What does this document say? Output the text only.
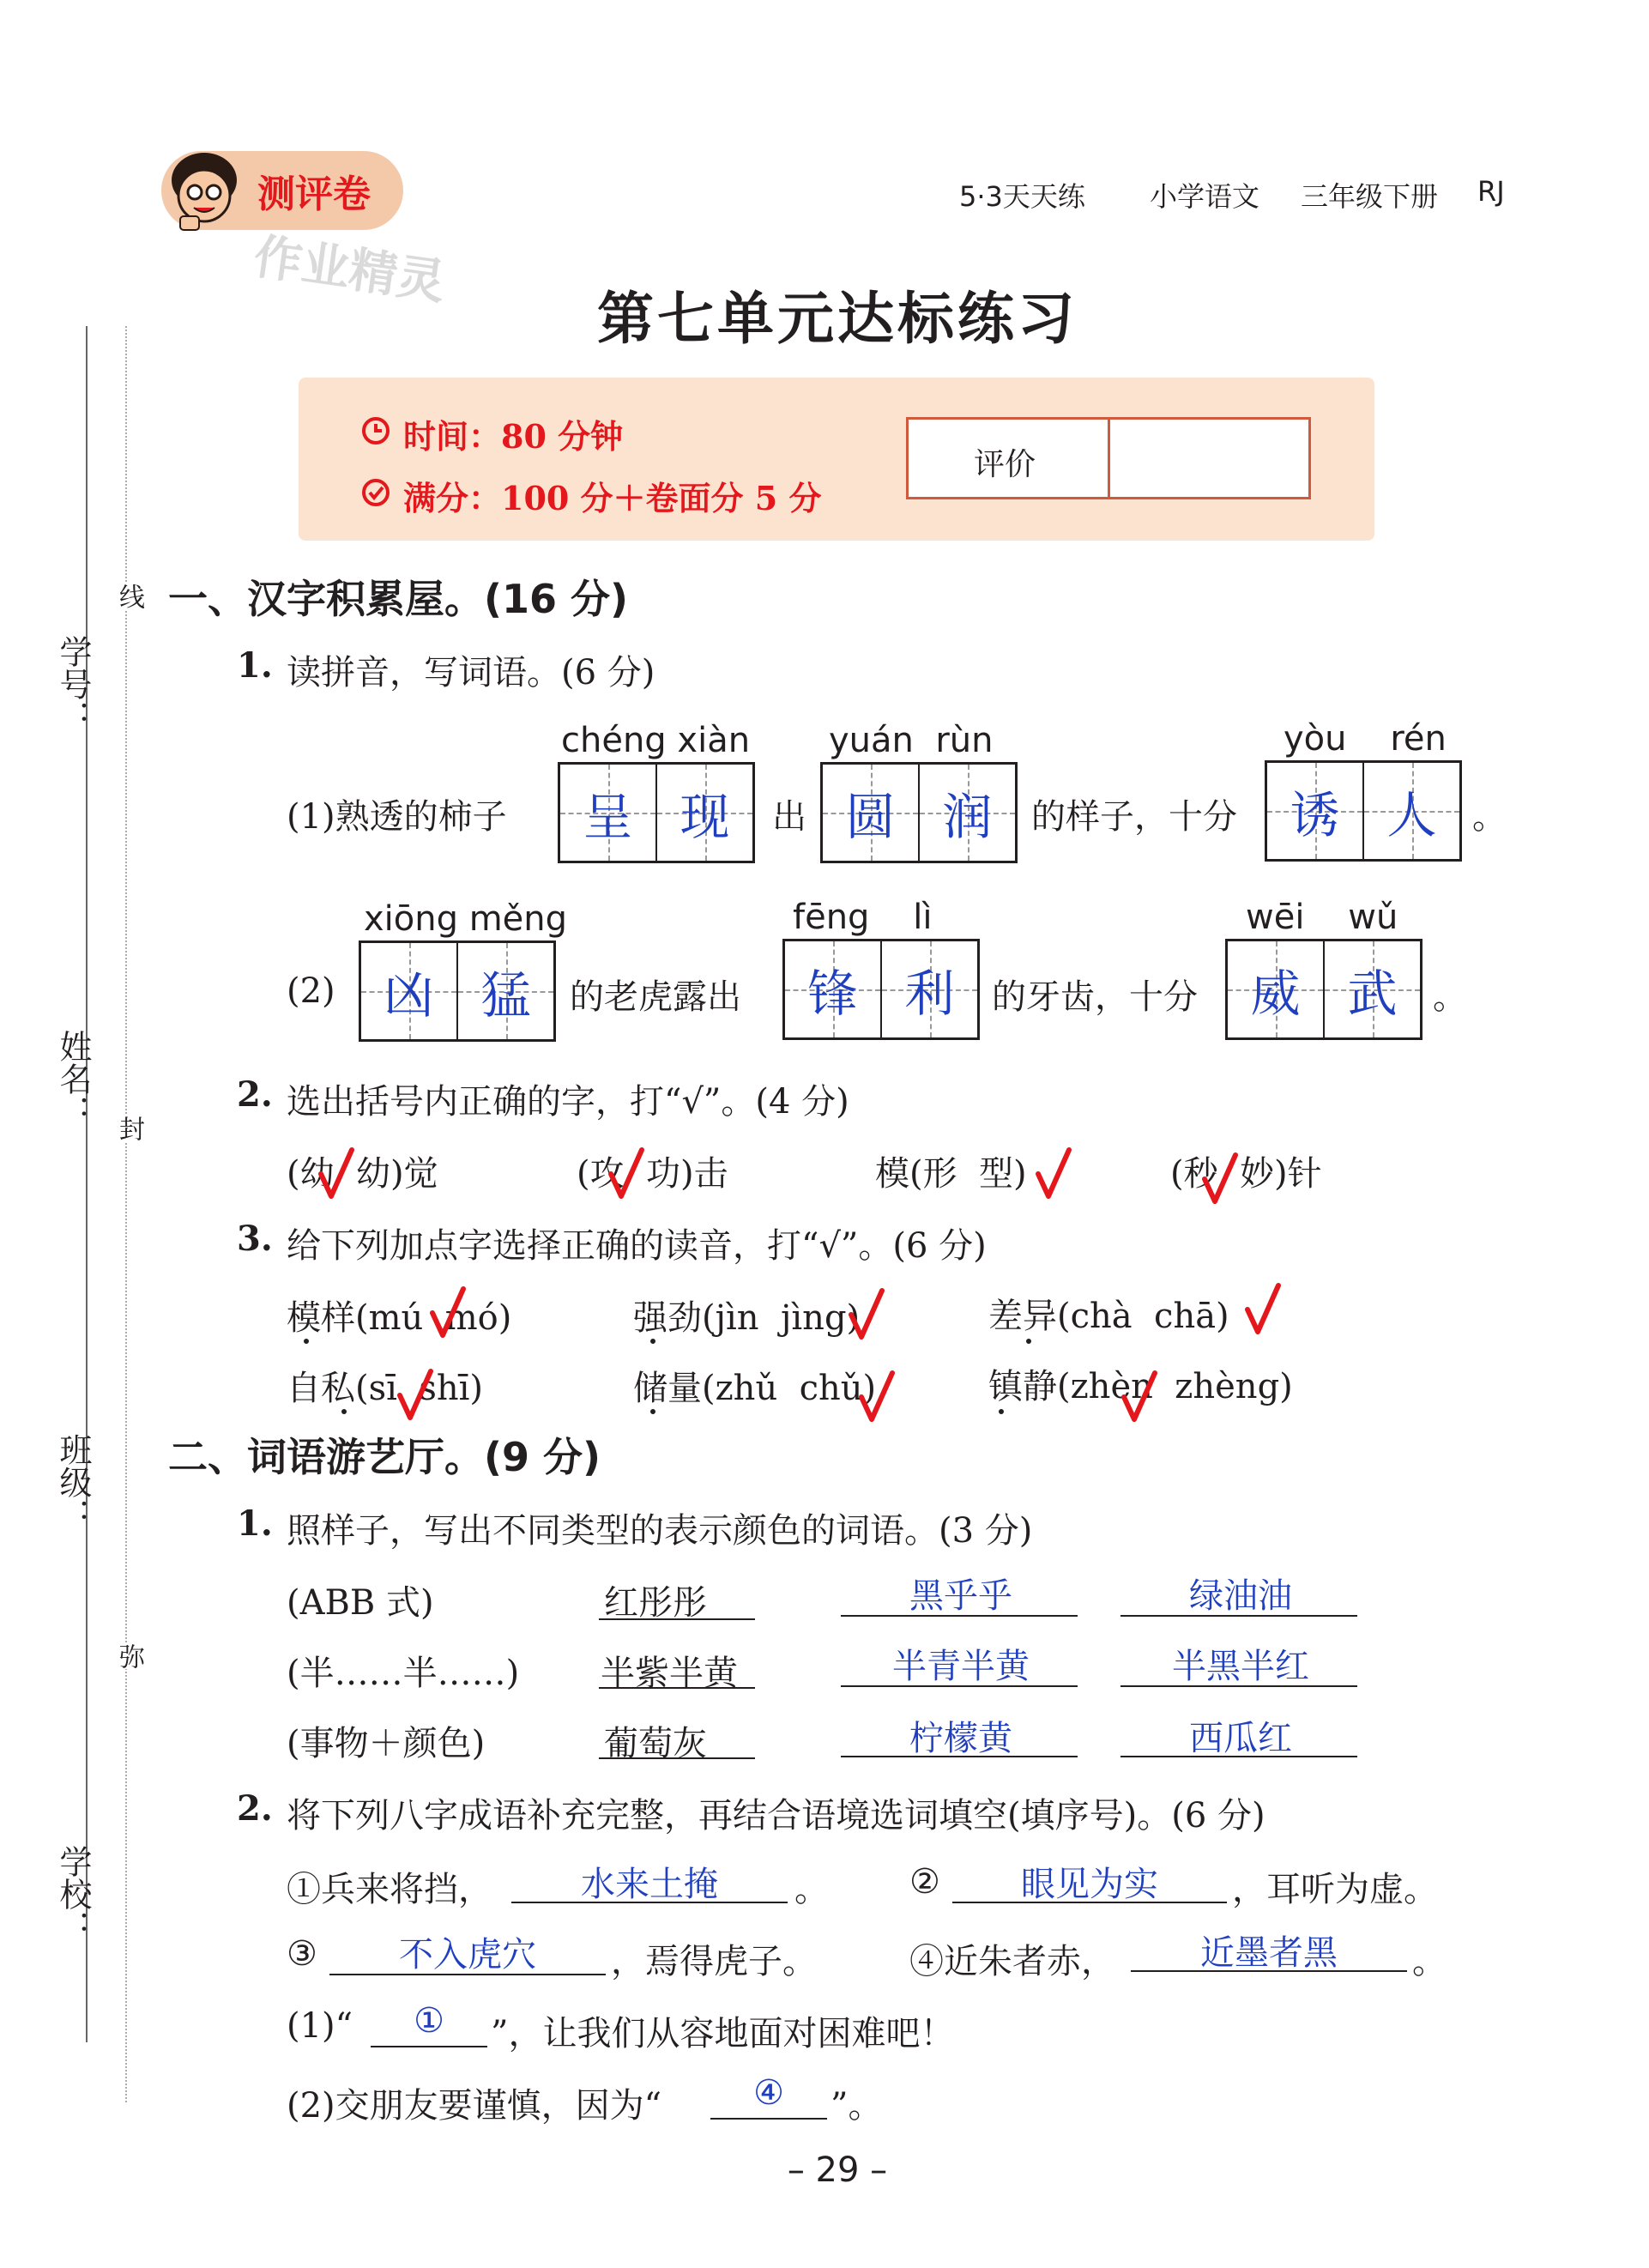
学号：
姓名：
班级：
学校：
线
封
弥
测评卷
作业精灵
5·3天天练 小学语文 三年级下册 RJ
第七单元达标练习
时间：80 分钟
满分：100 分＋卷面分 5 分
评价
一、汉字积累屋。(16 分)
1. 读拼音，写词语。(6 分)
(1)熟透的柿子
chéng xiàn
呈 现 出
yuán  rùn
圆 润 的样子，十分
yòu    rén
诱 人 。
(2)
xiōng měng
凶 猛 的老虎露出
fēng    lì
锋 利 的牙齿，十分
wēi    wǔ
威 武 。
2. 选出括号内正确的字，打“√”。(4 分)
(幼  幼)觉	(攻  功)击	模(形  型)	(秒  妙)针
3. 给下列加点字选择正确的读音，打“√”。(6 分)
模样(mú  mó)	强劲(jìn  jìng)	差异(chà  chā)
自私(sī  shī)	储量(zhǔ  chǔ)	镇静(zhèn  zhèng)
二、词语游艺厅。(9 分)
1. 照样子，写出不同类型的表示颜色的词语。(3 分)
(ABB 式)	红彤彤	黑乎乎	绿油油
(半……半……) 半紫半黄	半青半黄	半黑半红
(事物＋颜色)	葡萄灰	柠檬黄	西瓜红
2. 将下列八字成语补充完整，再结合语境选词填空(填序号)。(6 分)
①兵来将挡，	水来土掩	。 ②	眼见为实	，耳听为虚。
③	不入虎穴	，焉得虎子。	④近朱者赤，	近墨者黑	。
(1)“	①	”，让我们从容地面对困难吧！
(2)交朋友要谨慎，因为“	④	”。
– 29 –
